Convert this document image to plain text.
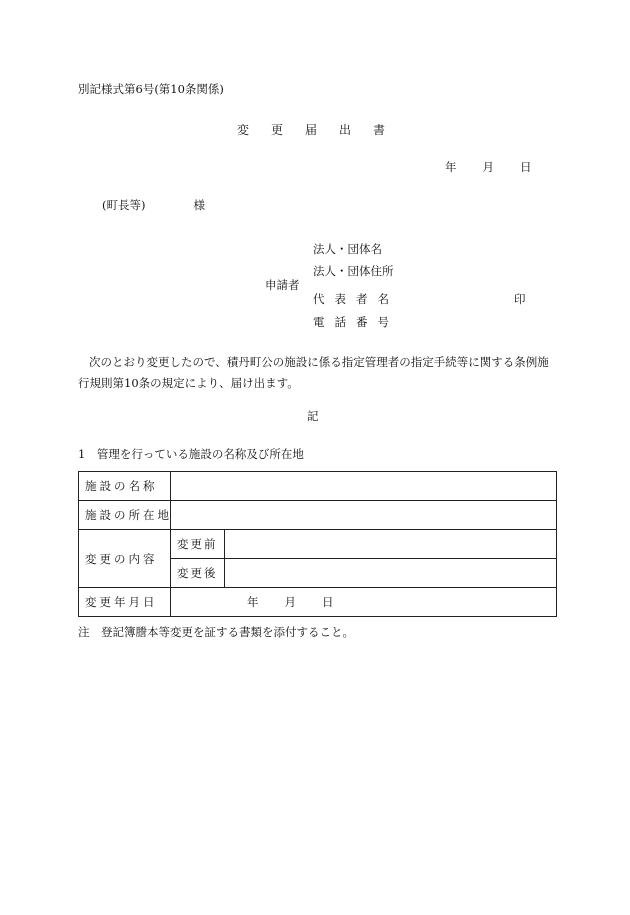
別記様式第6号(第10条関係)
変更届出書
年 月 日
(町長等)	様
申請者
法人・団体名
法人・団体住所
代表者名
電話番号
印
次のとおり変更したので、積丹町公の施設に係る指定管理者の指定手続等に関する条例施行規則第10条の規定により、届け出ます。
記
1　管理を行っている施設の名称及び所在地
施設の名称		
施設の所在地		
変更の内容	変更前	
	変更後	
変更年月日	年 月 日	
注　登記簿謄本等変更を証する書類を添付すること。
